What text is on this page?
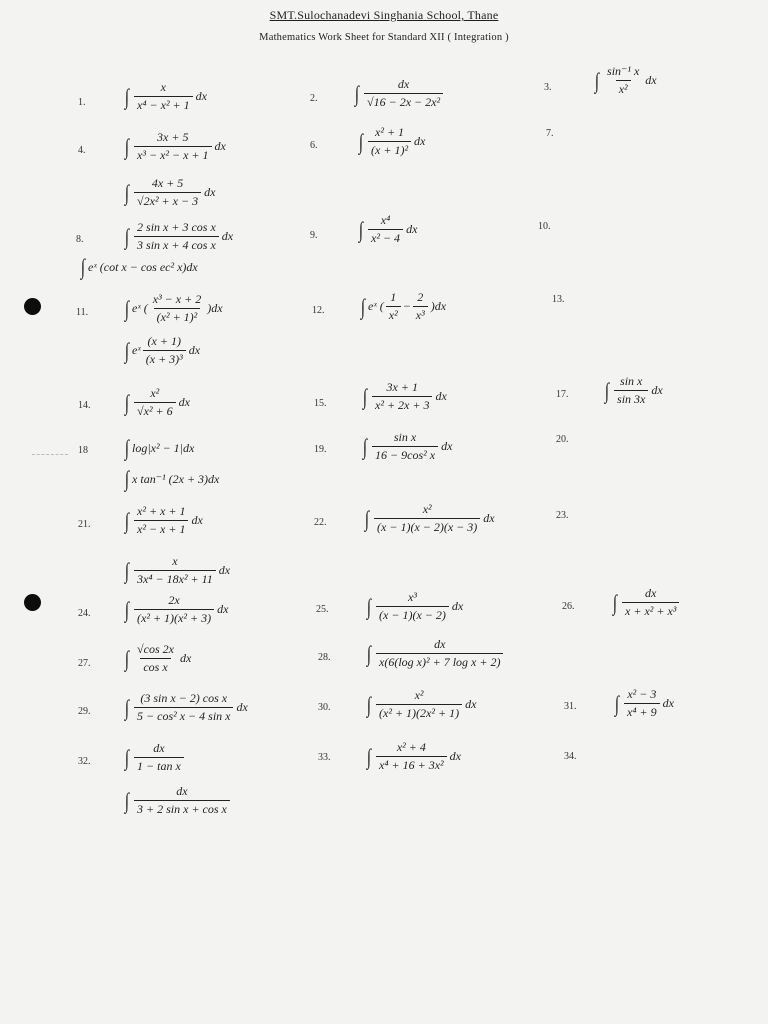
SMT.Sulochanadevi Singhania School, Thane
Mathematics Work Sheet for Standard XII ( Integration )
1. ∫ $\frac{x}{\text{x⁴ − x² + 1}}$ dx	2. ∫ $\frac{dx}{\text{√16 − 2x − 2x²}}$	3. ∫ $\frac{\text{sin⁻¹ x}}{\text{x²}}$ dx
4. ∫ $\frac{3x + 5}{\text{x³ − x² − x + 1}}$ dx	6. ∫ $\frac{\text{x² + 1}}{\text{(x + 1)²}}$ dx
7.
∫ $\frac{4x + 5}{\text{√2x² + x − 3}}$ dx
8. ∫ $\frac{\text{2 sin x + 3 cos x}}{\text{3 sin x + 4 cos x}}$ dx	9. ∫ $\frac{\text{x⁴}}{\text{x² − 4}}$ dx	10.
∫ eˣ (cot x − cos ec² x)dx
11. ∫ eˣ ( $\frac{\text{x³ − x + 2}}{\text{(x² + 1)²}} )dx$	12. ∫ eˣ ( $\frac{1}{\text{x²}} - \frac{2}{\text{x³}} )dx$	13.
∫ eˣ $\frac{(x + 1)}{\text{(x + 3)³}}$ dx
14. ∫ $\frac{\text{x²}}{\text{√x² + 6}}$ dx	15. ∫ $\frac{3x + 1}{\text{x² + 2x + 3}}$ dx	17. ∫ $\frac{\text{sin x}}{\sin 3x}$ dx
18 ∫ log|x² − 1|dx	19. ∫ $\frac{\text{sin x}}{\text{16 − 9cos² x}}$ dx	20.
∫ x tan⁻¹ (2x + 3)dx
21. ∫ $\frac{\text{x² + x + 1}}{\text{x² − x + 1}}$ dx	22. ∫ $\frac{\text{x²}}{(x - 1)(x - 2)(x - 3)}$ dx	23.
∫ $\frac{x}{\text{3x⁴ − 18x² + 11}}$ dx
24. ∫ $\frac{2x}{\text{(x² + 1)(x² + 3)}}$ dx	25. ∫ $\frac{\text{x³}}{(x - 1)(x - 2)}$ dx	26. ∫ $\frac{dx}{\text{x + x² + x³}}$
27. ∫ $\frac{√\cos 2x}{\text{cos x}}$ dx	28. ∫ $\frac{dx}{\text{x(6(log x)² + 7 log x + 2)}}$
29. ∫ $\frac{\text{(3 sin x − 2) cos x}}{\text{5 − cos² x − 4 sin x}}$ dx	30. ∫ $\frac{\text{x²}}{\text{(x² + 1)(2x² + 1)}}$ dx	31. ∫ $\frac{\text{x² − 3}}{\text{x⁴ + 9}}$ dx
32. ∫ $\frac{dx}{\text{1 − tan x}}$	33. ∫ $\frac{\text{x² + 4}}{\text{x⁴ + 16 + 3x²}}$ dx	34.
∫ $\frac{dx}{\text{3 + 2 sin x + cos x}}$
